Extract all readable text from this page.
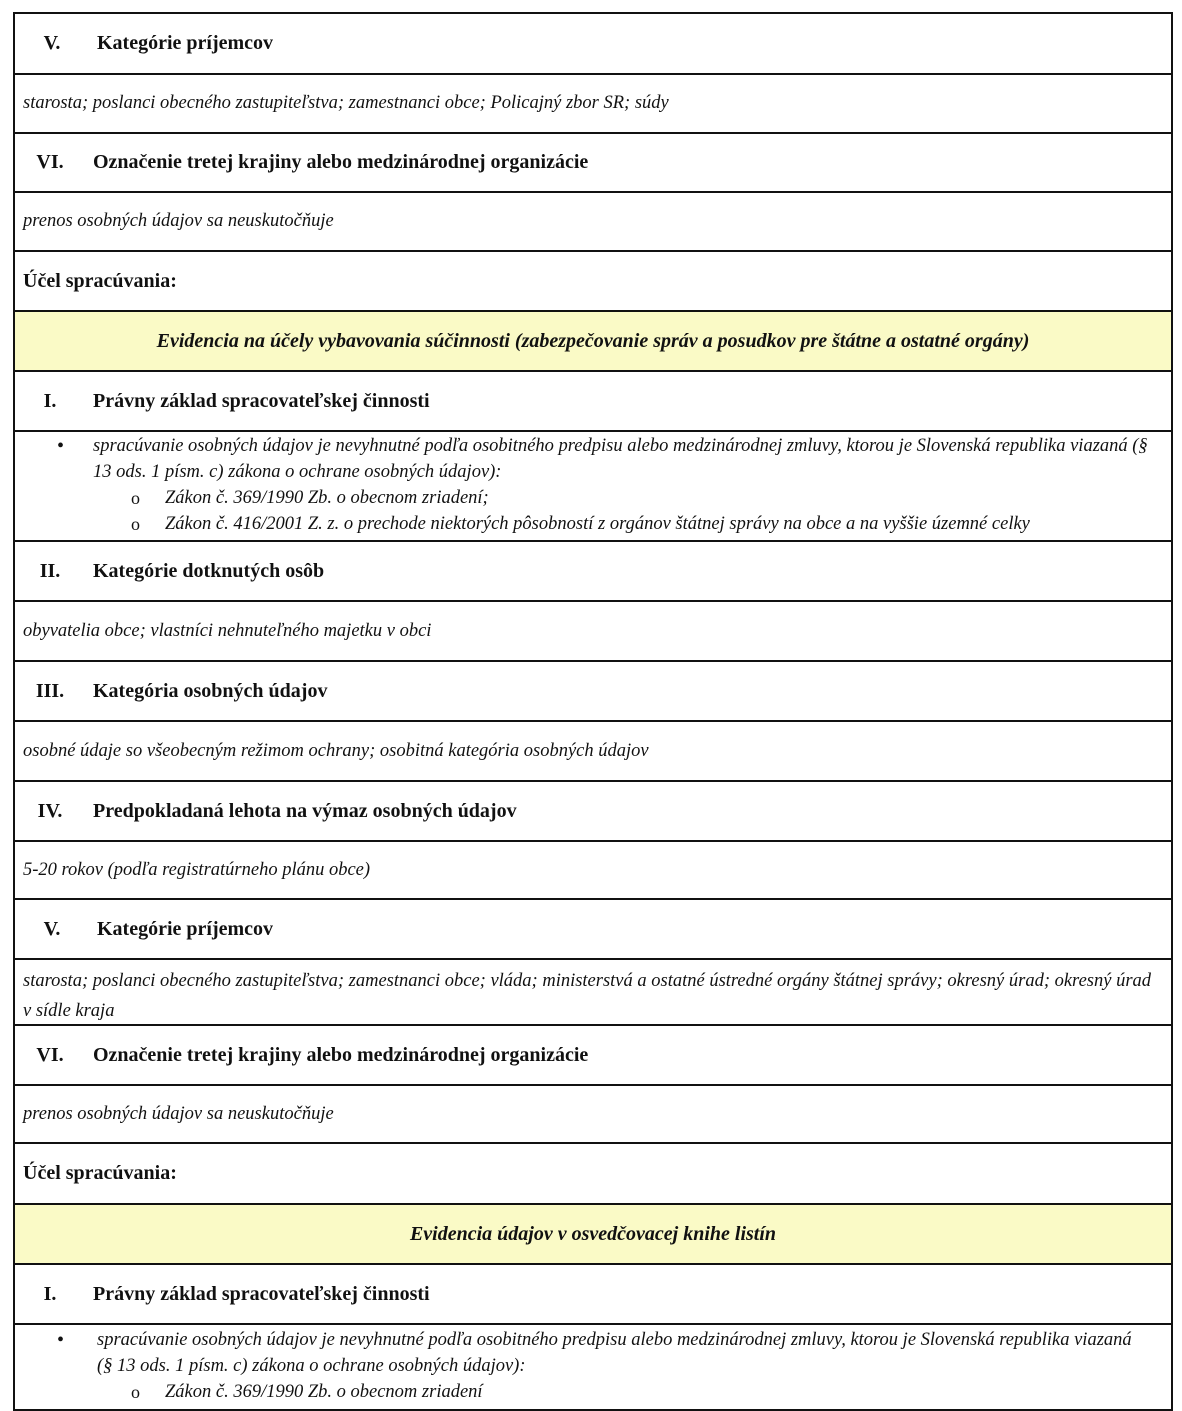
V.	Kategórie príjemcov
starosta; poslanci obecného zastupiteľstva; zamestnanci obce; Policajný zbor SR; súdy
VI.	Označenie tretej krajiny alebo medzinárodnej organizácie
prenos osobných údajov sa neuskutočňuje
Účel spracúvania:
Evidencia na účely vybavovania súčinnosti (zabezpečovanie správ a posudkov pre štátne a ostatné orgány)
I.	Právny základ spracovateľskej činnosti
• spracúvanie osobných údajov je nevyhnutné podľa osobitného predpisu alebo medzinárodnej zmluvy, ktorou je Slovenská republika viazaná (§ 13 ods. 1 písm. c) zákona o ochrane osobných údajov):
o Zákon č. 369/1990 Zb. o obecnom zriadení;
o Zákon č. 416/2001 Z. z. o prechode niektorých pôsobností z orgánov štátnej správy na obce a na vyššie územné celky
II.	Kategórie dotknutých osôb
obyvatelia obce; vlastníci nehnuteľného majetku v obci
III.	Kategória osobných údajov
osobné údaje so všeobecným režimom ochrany; osobitná kategória osobných údajov
IV.	Predpokladaná lehota na výmaz osobných údajov
5-20 rokov (podľa registratúrneho plánu obce)
V.	Kategórie príjemcov
starosta; poslanci obecného zastupiteľstva; zamestnanci obce; vláda; ministerstvá a ostatné ústredné orgány štátnej správy; okresný úrad; okresný úrad v sídle kraja
VI.	Označenie tretej krajiny alebo medzinárodnej organizácie
prenos osobných údajov sa neuskutočňuje
Účel spracúvania:
Evidencia údajov v osvedčovacej knihe listín
I.	Právny základ spracovateľskej činnosti
• spracúvanie osobných údajov je nevyhnutné podľa osobitného predpisu alebo medzinárodnej zmluvy, ktorou je Slovenská republika viazaná (§ 13 ods. 1 písm. c) zákona o ochrane osobných údajov):
o Zákon č. 369/1990 Zb. o obecnom zriadení
